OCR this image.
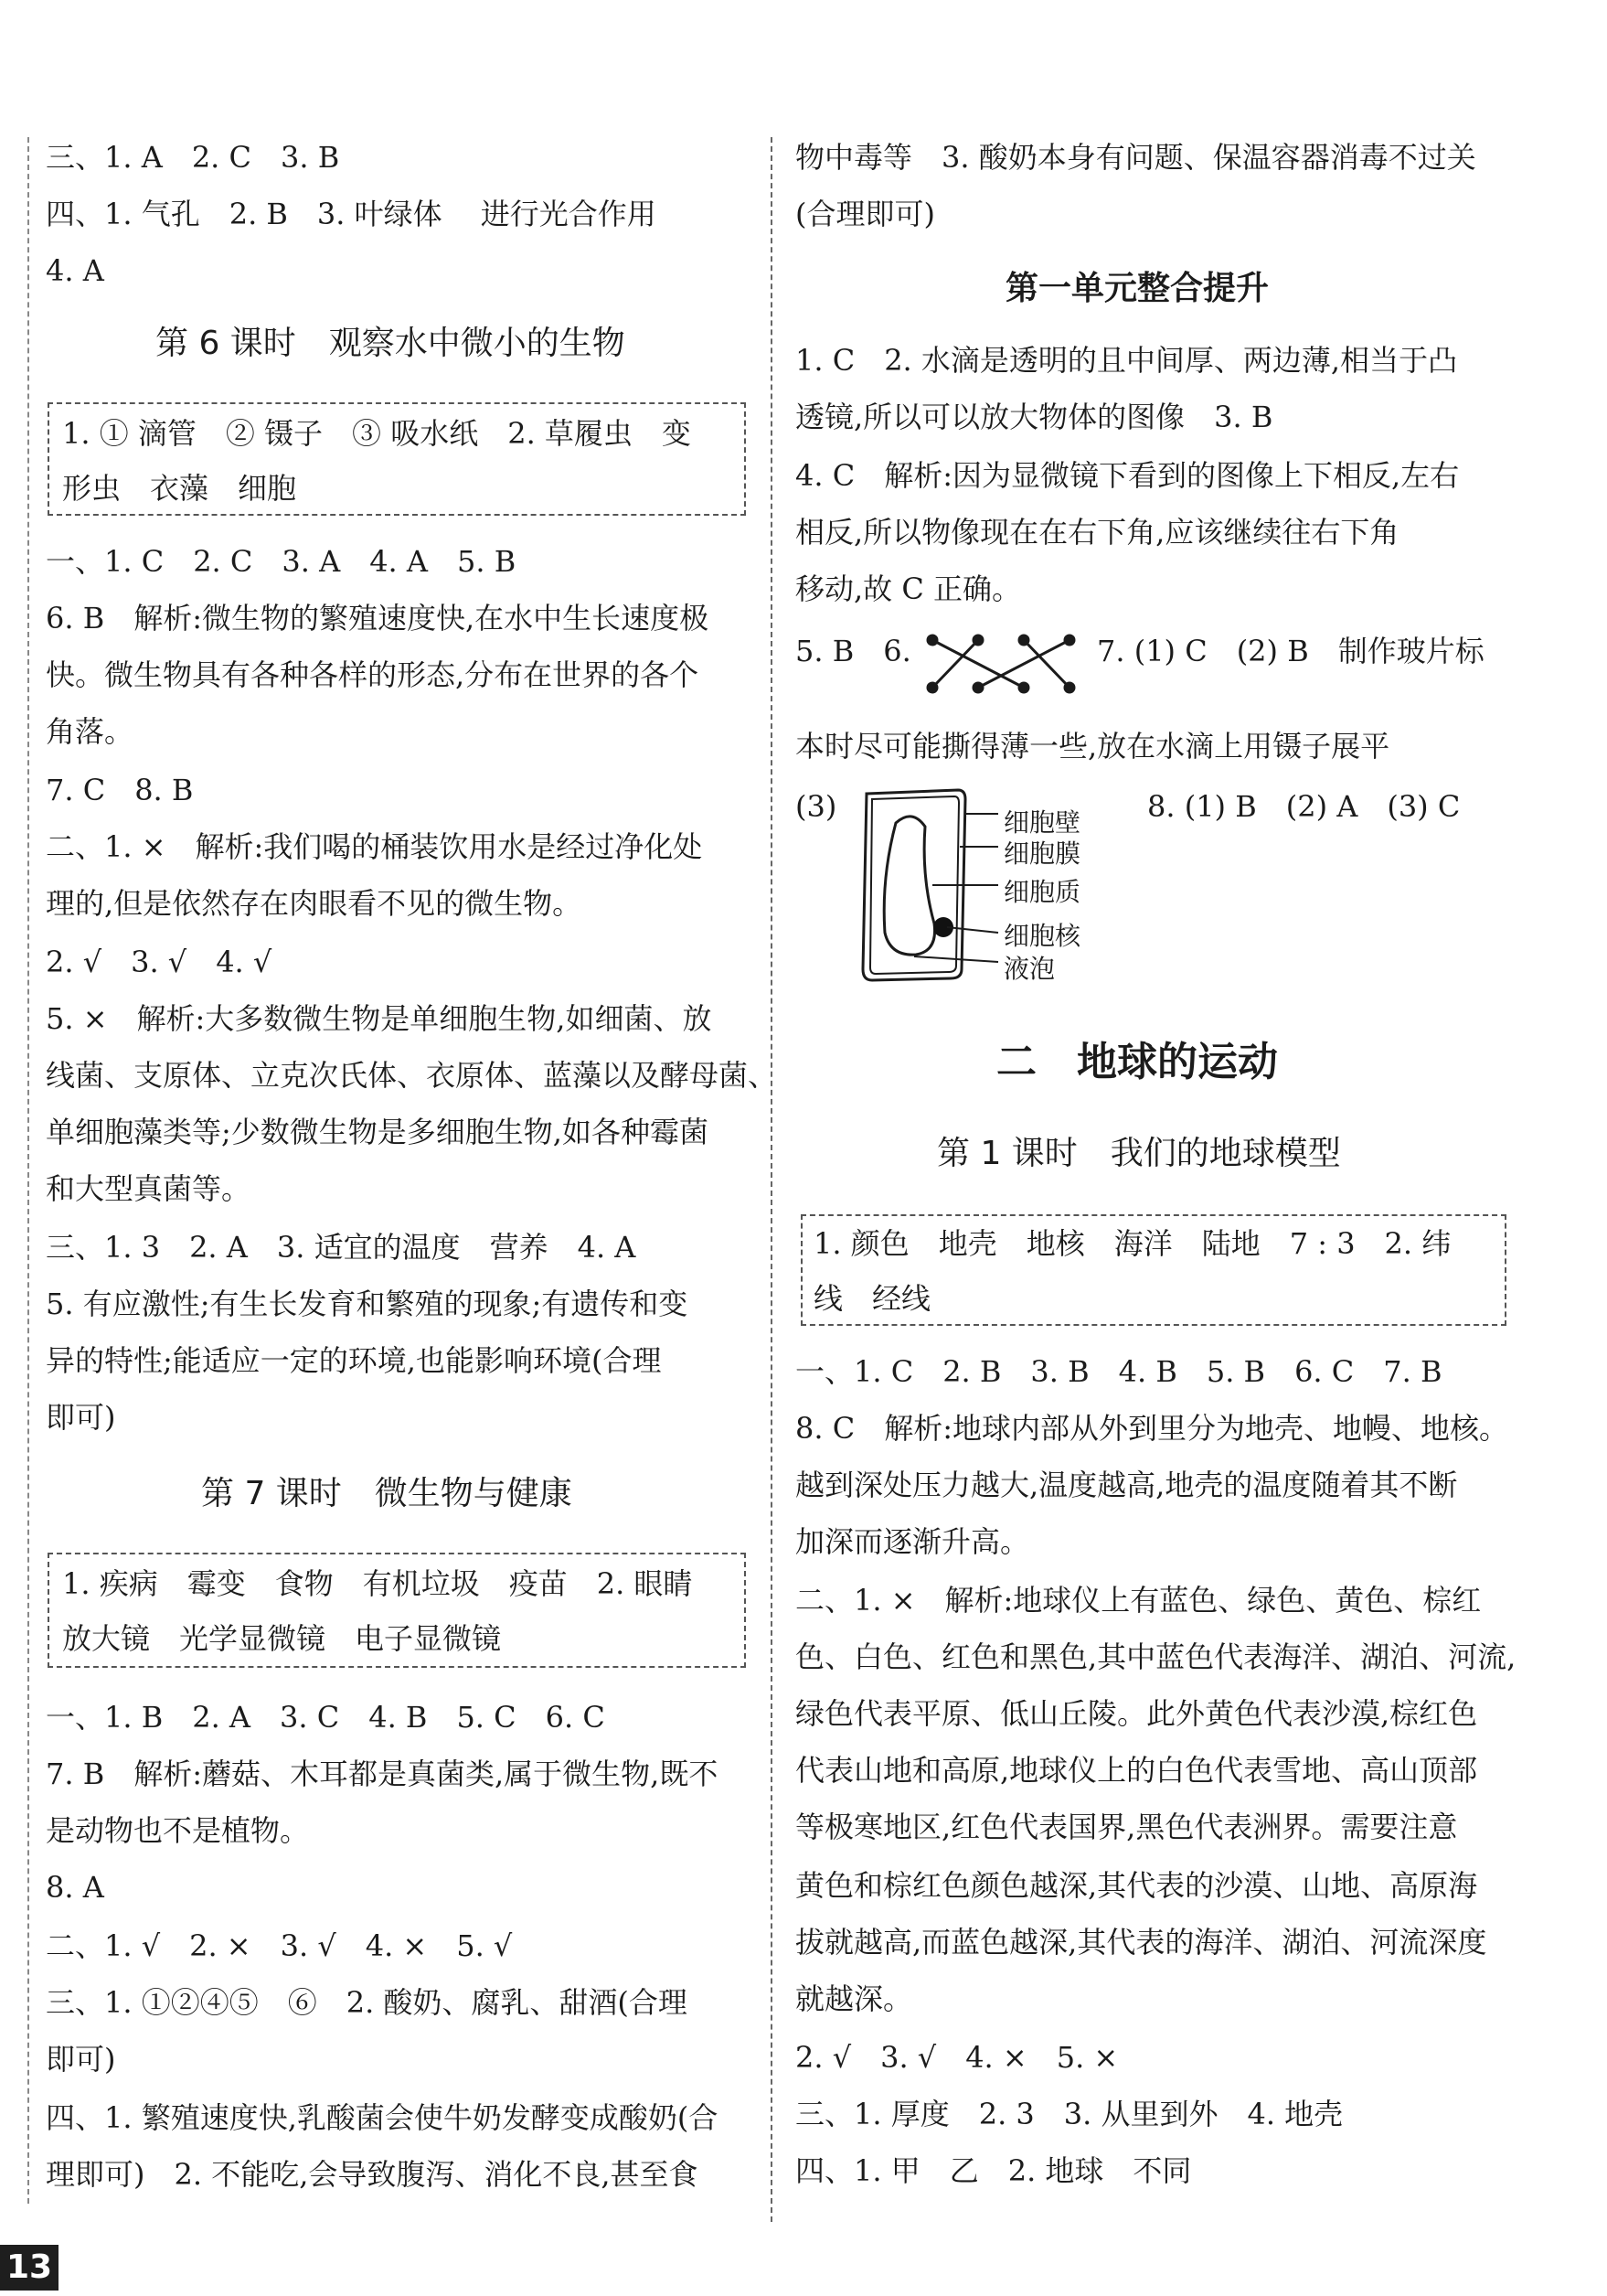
三、1. A　2. C　3. B
四、1. 气孔　2. B　3. 叶绿体　 进行光合作用
4. A
第 6 课时　观察水中微小的生物
1. ① 滴管　② 镊子　③ 吸水纸　2. 草履虫　变
形虫　衣藻　细胞
一、1. C　2. C　3. A　4. A　5. B
6. B　解析:微生物的繁殖速度快,在水中生长速度极
快。微生物具有各种各样的形态,分布在世界的各个
角落。
7. C　8. B
二、1. ×　解析:我们喝的桶装饮用水是经过净化处
理的,但是依然存在肉眼看不见的微生物。
2. √　3. √　4. √
5. ×　解析:大多数微生物是单细胞生物,如细菌、放
线菌、支原体、立克次氏体、衣原体、蓝藻以及酵母菌、
单细胞藻类等;少数微生物是多细胞生物,如各种霉菌
和大型真菌等。
三、1. 3　2. A　3. 适宜的温度　营养　4. A
5. 有应激性;有生长发育和繁殖的现象;有遗传和变
异的特性;能适应一定的环境,也能影响环境(合理
即可)
第 7 课时　微生物与健康
1. 疾病　霉变　食物　有机垃圾　疫苗　2. 眼睛
放大镜　光学显微镜　电子显微镜
一、1. B　2. A　3. C　4. B　5. C　6. C
7. B　解析:蘑菇、木耳都是真菌类,属于微生物,既不
是动物也不是植物。
8. A
二、1. √　2. ×　3. √　4. ×　5. √
三、1. ①②④⑤　⑥　2. 酸奶、腐乳、甜酒(合理
即可)
四、1. 繁殖速度快,乳酸菌会使牛奶发酵变成酸奶(合
理即可)　2. 不能吃,会导致腹泻、消化不良,甚至食
物中毒等　3. 酸奶本身有问题、保温容器消毒不过关
(合理即可)
第一单元整合提升
1. C　2. 水滴是透明的且中间厚、两边薄,相当于凸
透镜,所以可以放大物体的图像　3. B
4. C　解析:因为显微镜下看到的图像上下相反,左右
相反,所以物像现在在右下角,应该继续往右下角
移动,故 C 正确。
5. B　6.	7. (1) C　(2) B　制作玻片标
本时尽可能撕得薄一些,放在水滴上用镊子展平
(3)	细胞壁
细胞膜
细胞质
细胞核
液泡
8. (1) B　(2) A　(3) C
二　地球的运动
第 1 课时　我们的地球模型
1. 颜色　地壳　地核　海洋　陆地　7 : 3　2. 纬
线　经线
一、1. C　2. B　3. B　4. B　5. B　6. C　7. B
8. C　解析:地球内部从外到里分为地壳、地幔、地核。
越到深处压力越大,温度越高,地壳的温度随着其不断
加深而逐渐升高。
二、1. ×　解析:地球仪上有蓝色、绿色、黄色、棕红
色、白色、红色和黑色,其中蓝色代表海洋、湖泊、河流,
绿色代表平原、低山丘陵。此外黄色代表沙漠,棕红色
代表山地和高原,地球仪上的白色代表雪地、高山顶部
等极寒地区,红色代表国界,黑色代表洲界。需要注意
黄色和棕红色颜色越深,其代表的沙漠、山地、高原海
拔就越高,而蓝色越深,其代表的海洋、湖泊、河流深度
就越深。
2. √　3. √　4. ×　5. ×
三、1. 厚度　2. 3　3. 从里到外　4. 地壳
四、1. 甲　乙　2. 地球　不同
13
